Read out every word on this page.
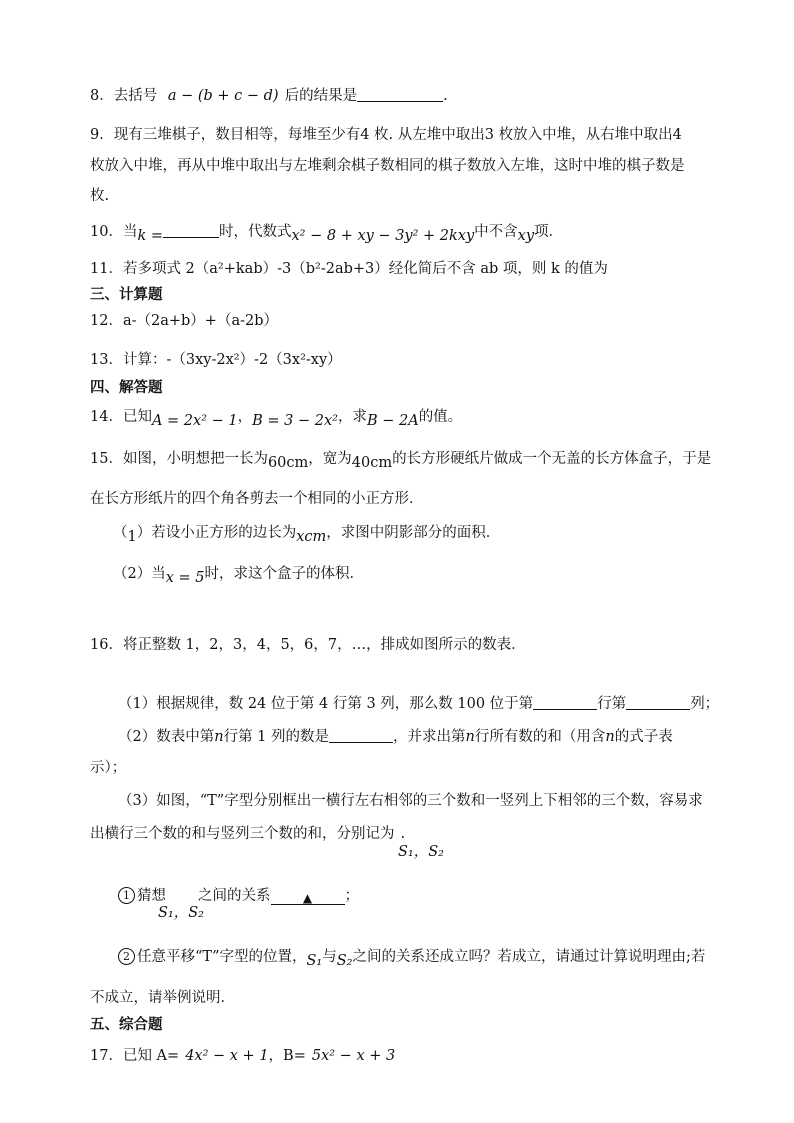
8．去括号 a − (b + c − d) 后的结果是	.
9．现有三堆棋子，数目相等，每堆至少有4 枚. 从左堆中取出3 枚放入中堆，从右堆中取出4
枚放入中堆，再从中堆中取出与左堆剩余棋子数相同的棋子数放入左堆，这时中堆的棋子数是
枚.
10．当k =	时，代数式x² − 8 + xy − 3y² + 2kxy中不含xy项．
11．若多项式 2（a²+kab）-3（b²-2ab+3）经化简后不含 ab 项，则 k 的值为
三、计算题
12．a-（2a+b）+（a-2b）
13．计算：-（3xy-2x²）-2（3x²-xy）
四、解答题
14．已知A = 2x² − 1，B = 3 − 2x²，求B − 2A的值。
15．如图，小明想把一长为60cm，宽为40cm的长方形硬纸片做成一个无盖的长方体盒子，于是
在长方形纸片的四个角各剪去一个相同的小正方形．
（1）若设小正方形的边长为xcm，求图中阴影部分的面积．
（2）当x = 5时，求这个盒子的体积．
16．将正整数 1，2，3，4，5，6，7，…，排成如图所示的数表．
（1）根据规律，数 24 位于第 4 行第 3 列，那么数 100 位于第	行第	列；
（2）数表中第n行第 1 列的数是	，并求出第n行所有数的和（用含n的式子表
示）；
（3）如图，“T”字型分别框出一横行左右相邻的三个数和一竖列上下相邻的三个数，容易求
出横行三个数的和与竖列三个数的和，分别记为 .
S₁，S₂
1 猜想 之间的关系	▲ ；
S₁，S₂
2 任意平移“T”字型的位置，S₁与S₂之间的关系还成立吗？若成立，请通过计算说明理由;若
不成立，请举例说明．
五、综合题
17．已知 A= 4x² − x + 1，B= 5x² − x + 3
